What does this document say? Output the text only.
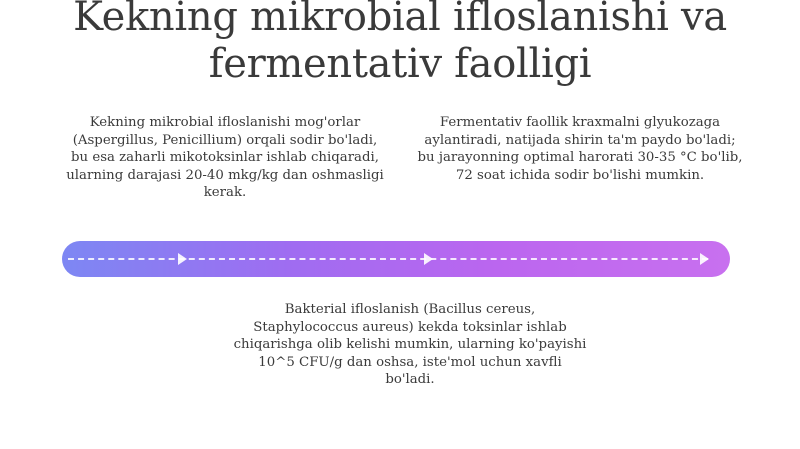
Kekning mikrobial ifloslanishi va fermentativ faolligi

Kekning mikrobial ifloslanishi mog'orlar (Aspergillus, Penicillium) orqali sodir bo'ladi, bu esa zaharli mikotoksinlar ishlab chiqaradi, ularning darajasi 20-40 mkg/kg dan oshmasligi kerak.

Fermentativ faollik kraxmalni glyukozaga aylantiradi, natijada shirin ta'm paydo bo'ladi; bu jarayonning optimal harorati 30-35 °C bo'lib, 72 soat ichida sodir bo'lishi mumkin.

Bakterial ifloslanish (Bacillus cereus, Staphylococcus aureus) kekda toksinlar ishlab chiqarishga olib kelishi mumkin, ularning ko'payishi 10^5 CFU/g dan oshsa, iste'mol uchun xavfli bo'ladi.
